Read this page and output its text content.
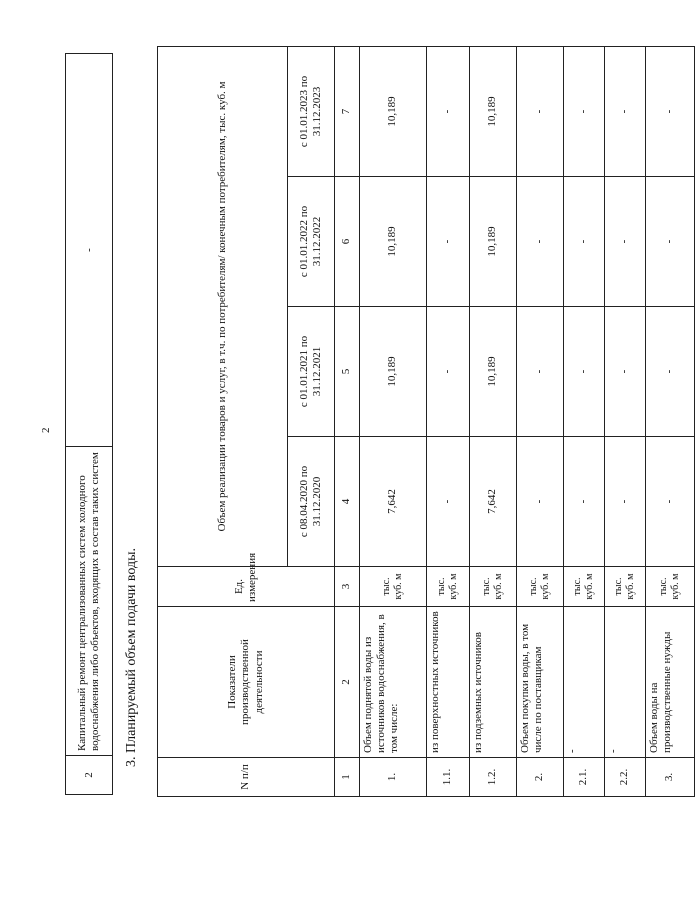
2
2	Капитальный ремонт централизованных систем холодного водоснабжения либо объектов, входящих в состав таких систем	-
3. Планируемый объем подачи воды.
N п/п	Показатели производственной деятельности	Ед. измерения	Объем реализации товаров и услуг, в т.ч. по потребителям/ конечным потребителям, тыс. куб. м			
			с 08.04.2020 по 31.12.2020	с 01.01.2021 по 31.12.2021	с 01.01.2022 по 31.12.2022	с 01.01.2023 по 31.12.2023
1	2	3	4	5	6	7
1.	Объем поднятой воды из источников водоснабжения, в том числе:	тыс. куб. м	7,642	10,189	10,189	10,189
1.1.	из поверхностных источников	тыс. куб. м	-	-	-	-
1.2.	из подземных источников	тыс. куб. м	7,642	10,189	10,189	10,189
2.	Объем покупки воды, в том числе по поставщикам	тыс. куб. м	-	-	-	-
2.1.	-	тыс. куб. м	-	-	-	-
2.2.	-	тыс. куб. м	-	-	-	-
3.	Объем воды на производственные нужды	тыс. куб. м	-	-	-	-
